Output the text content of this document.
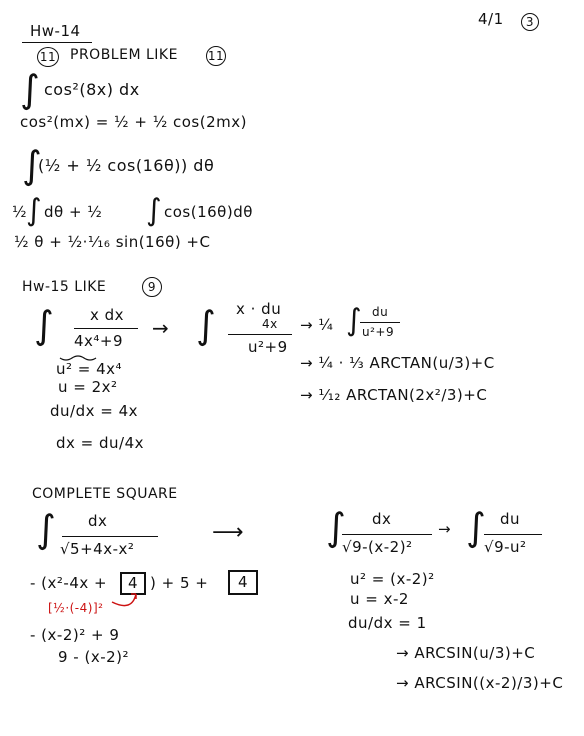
Hw-14
4/1	3
11 PROBLEM LIKE 11
∫ cos²(8x) dx
cos²(mx) = ½ + ½ cos(2mx)
∫
(½ + ½ cos(16θ)) dθ
½
∫ dθ + ½ ∫ cos(16θ)dθ
½ θ + ½·¹⁄₁₆ sin(16θ) +C
Hw-15 LIKE	9
∫ x dx
4x⁴+9
→ ∫ x · du
4x
u²+9
→ ¼ ∫ du
u²+9
→ ¼ · ⅓ ARCTAN(u/3)+C
→ ¹⁄₁₂ ARCTAN(2x²/3)+C
u² = 4x⁴
u = 2x²
du/dx = 4x
dx = du/4x
COMPLETE SQUARE
∫ dx
√5+4x-x²
⟶ ∫ dx
√9-(x-2)²
→ ∫ du
√9-u²
- (x²-4x +	4 ) + 5 +	4
[½·(-4)]²
- (x-2)² + 9
9 - (x-2)²
u² = (x-2)²
u = x-2
du/dx = 1
→ ARCSIN(u/3)+C
→ ARCSIN((x-2)/3)+C
